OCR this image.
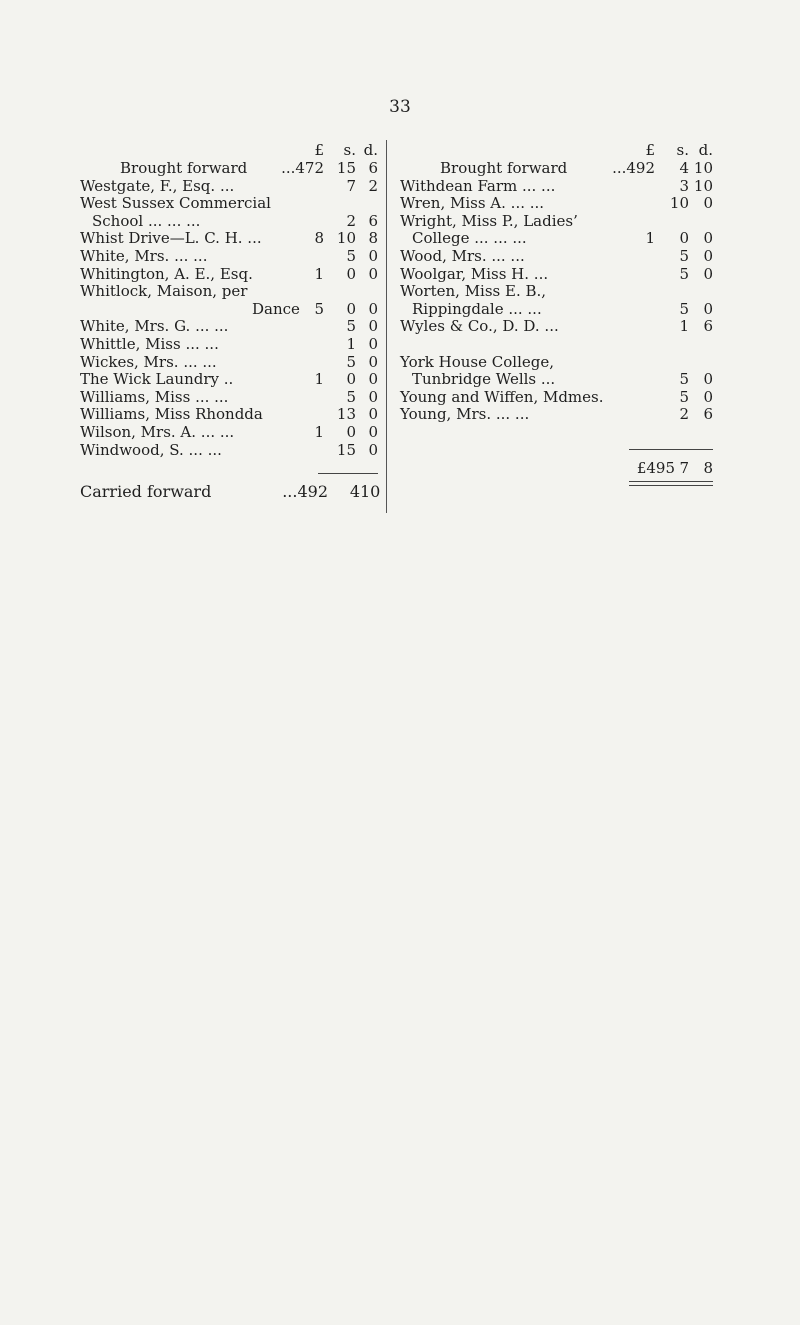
33
£	s. d.
Brought forward	...472 15 6
Westgate, F., Esq. ...	7 2
West Sussex Commercial
School ... ... ...	2 6
Whist Drive—L. C. H. ...	8 10 8
White, Mrs. ... ...	5 0
Whitington, A. E., Esq.	1	0 0
Whitlock, Maison, per
Dance 5	0 0
White, Mrs. G. ... ...	5 0
Whittle, Miss ... ...	1 0
Wickes, Mrs. ... ...	5 0
The Wick Laundry ..	1	0 0
Williams, Miss ... ...	5 0
Williams, Miss Rhondda	13 0
Wilson, Mrs. A. ... ...	1	0 0
Windwood, S. ... ...	15 0
Carried forward	...492	4 10
£	s. d.
Brought forward	...492	4 10
Withdean Farm ... ...	3 10
Wren, Miss A. ... ...	10 0
Wright, Miss P., Ladies’
College ... ... ...	1	0 0
Wood, Mrs. ... ...	5 0
Woolgar, Miss H. ...	5 0
Worten, Miss E. B.,
Rippingdale ... ...	5 0
Wyles & Co., D. D. ...	1 6
York House College,
Tunbridge Wells ...	5 0
Young and Wiffen, Mdmes.	5 0
Young, Mrs. ... ...	2 6
£495 7 8
